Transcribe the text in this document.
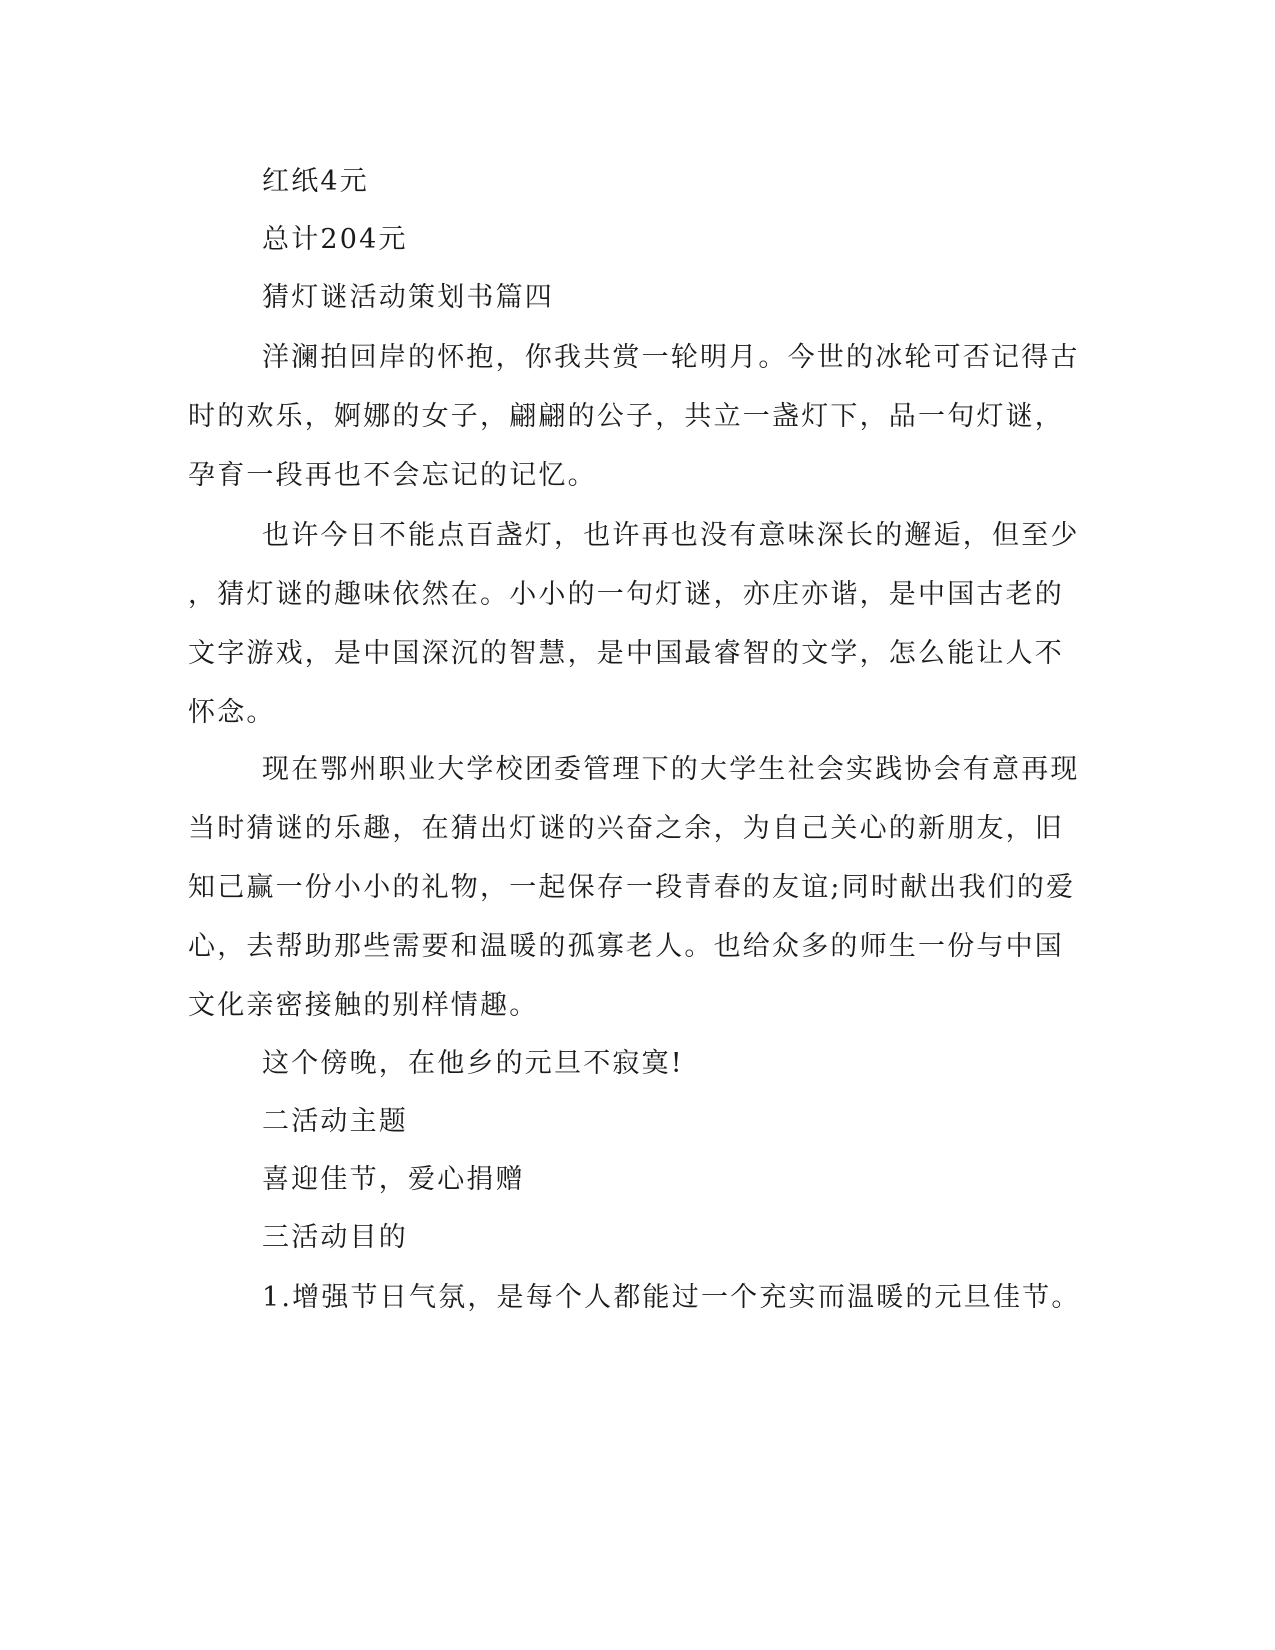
红纸4元

总计204元

猜灯谜活动策划书篇四

洋澜拍回岸的怀抱，你我共赏一轮明月。今世的冰轮可否记得古
时的欢乐，婀娜的女子，翩翩的公子，共立一盏灯下，品一句灯谜，
孕育一段再也不会忘记的记忆。
也许今日不能点百盏灯，也许再也没有意味深长的邂逅，但至少
，猜灯谜的趣味依然在。小小的一句灯谜，亦庄亦谐，是中国古老的
文字游戏，是中国深沉的智慧，是中国最睿智的文学，怎么能让人不
怀念。
现在鄂州职业大学校团委管理下的大学生社会实践协会有意再现
当时猜谜的乐趣，在猜出灯谜的兴奋之余，为自己关心的新朋友，旧
知己赢一份小小的礼物，一起保存一段青春的友谊;同时献出我们的爱
心，去帮助那些需要和温暖的孤寡老人。也给众多的师生一份与中国
文化亲密接触的别样情趣。

这个傍晚，在他乡的元旦不寂寞!

二活动主题

喜迎佳节，爱心捐赠

三活动目的

1.增强节日气氛，是每个人都能过一个充实而温暖的元旦佳节。
